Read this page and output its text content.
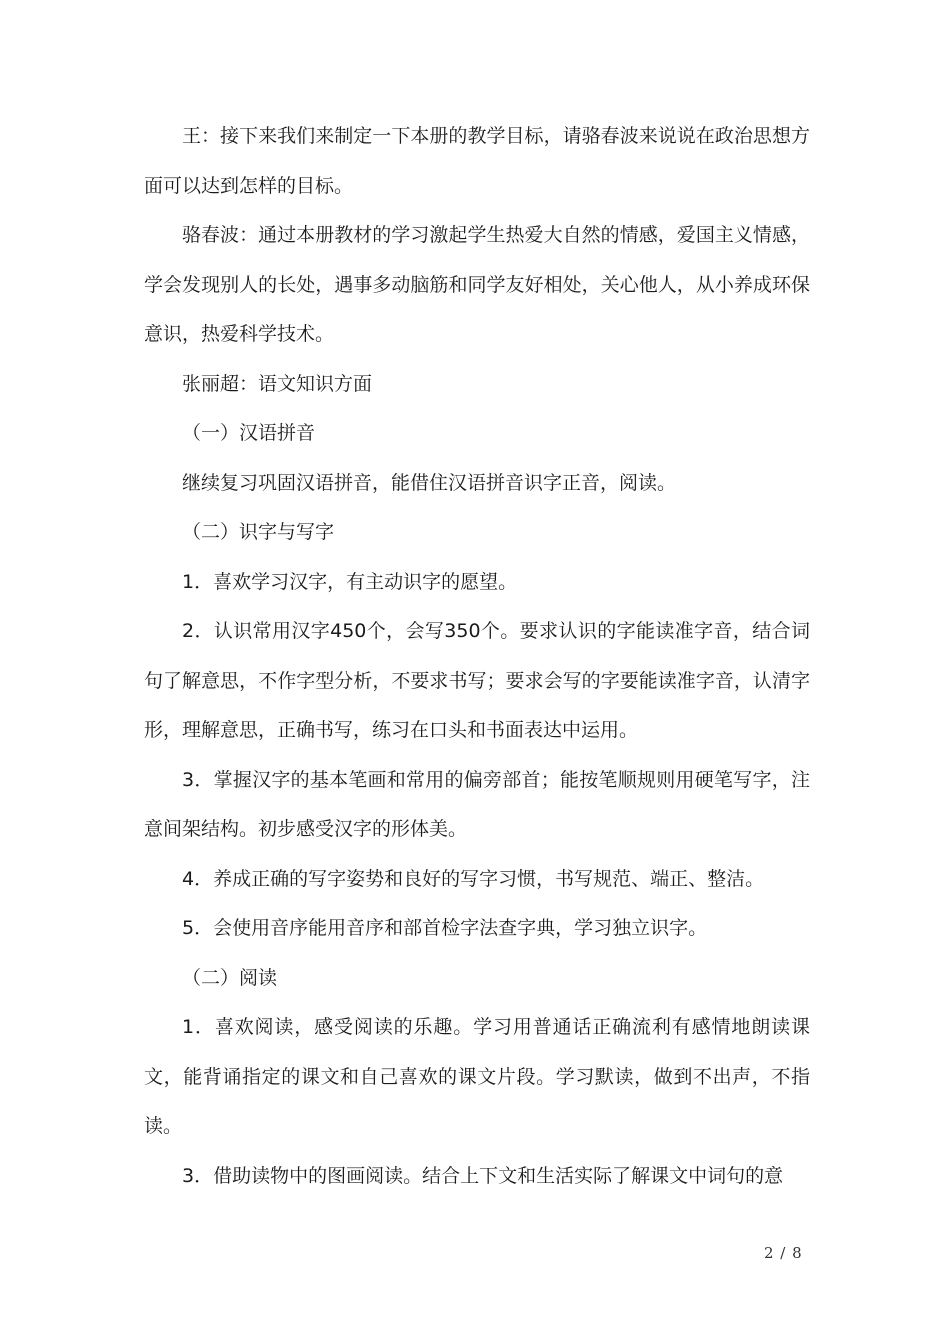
王：接下来我们来制定一下本册的教学目标，请骆春波来说说在政治思想方面可以达到怎样的目标。

骆春波：通过本册教材的学习激起学生热爱大自然的情感，爱国主义情感，学会发现别人的长处，遇事多动脑筋和同学友好相处，关心他人，从小养成环保意识，热爱科学技术。

张丽超：语文知识方面

（一）汉语拼音

继续复习巩固汉语拼音，能借住汉语拼音识字正音，阅读。

（二）识字与写字

1．喜欢学习汉字，有主动识字的愿望。

2．认识常用汉字450个，会写350个。要求认识的字能读准字音，结合词句了解意思，不作字型分析，不要求书写；要求会写的字要能读准字音，认清字形，理解意思，正确书写，练习在口头和书面表达中运用。

3．掌握汉字的基本笔画和常用的偏旁部首；能按笔顺规则用硬笔写字，注意间架结构。初步感受汉字的形体美。

4．养成正确的写字姿势和良好的写字习惯，书写规范、端正、整洁。

5．会使用音序能用音序和部首检字法查字典，学习独立识字。

（二）阅读

1．喜欢阅读，感受阅读的乐趣。学习用普通话正确流利有感情地朗读课文，能背诵指定的课文和自己喜欢的课文片段。学习默读，做到不出声，不指读。

3．借助读物中的图画阅读。结合上下文和生活实际了解课文中词句的意

2 / 8
